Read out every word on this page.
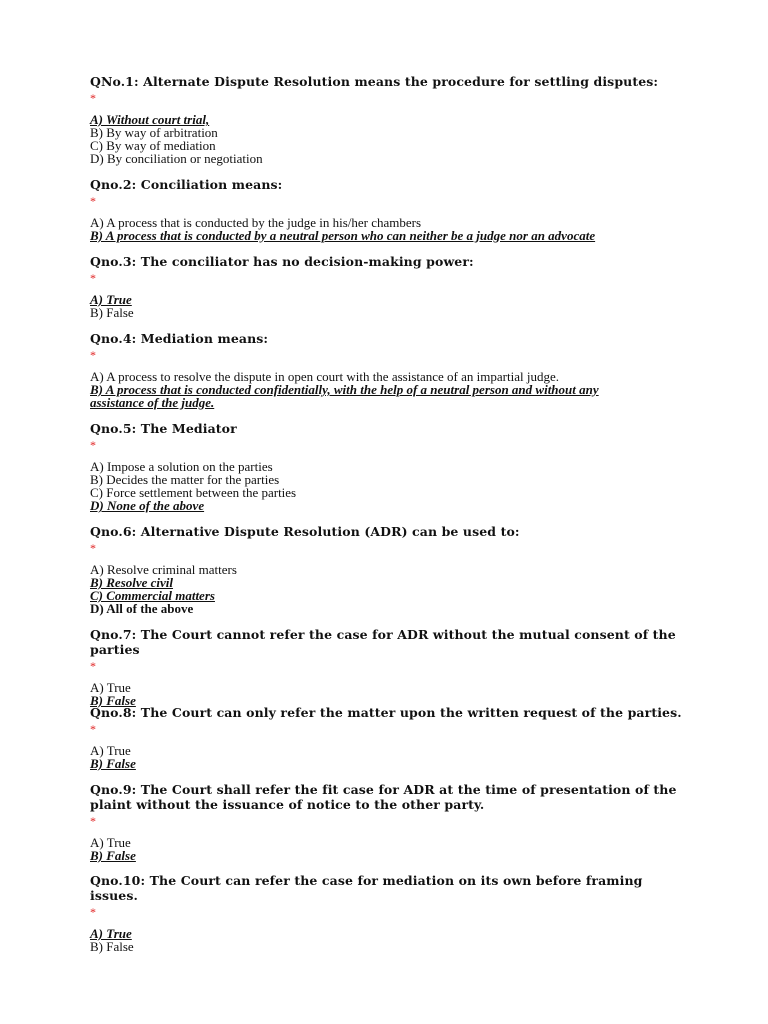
QNo.1: Alternate Dispute Resolution means the procedure for settling disputes:

*

A) Without court trial,

B) By way of arbitration

C) By way of mediation

D) By conciliation or negotiation

Qno.2: Conciliation means:

*

A) A process that is conducted by the judge in his/her chambers

B) A process that is conducted by a neutral person who can neither be a judge nor an advocate

Qno.3: The conciliator has no decision-making power:

*

A) True

B) False

Qno.4: Mediation means:

*

A) A process to resolve the dispute in open court with the assistance of an impartial judge.

B) A process that is conducted confidentially, with the help of a neutral person and without any assistance of the judge.

Qno.5: The Mediator

*

A) Impose a solution on the parties

B) Decides the matter for the parties

C) Force settlement between the parties

D) None of the above

Qno.6: Alternative Dispute Resolution (ADR) can be used to:

*

A) Resolve criminal matters

B) Resolve civil

C) Commercial matters

D) All of the above

Qno.7: The Court cannot refer the case for ADR without the mutual consent of the parties

*

A) True

B) False

Qno.8: The Court can only refer the matter upon the written request of the parties.

*

A) True

B) False

Qno.9: The Court shall refer the fit case for ADR at the time of presentation of the plaint without the issuance of notice to the other party.

*

A) True

B) False

Qno.10: The Court can refer the case for mediation on its own before framing issues.

*

A) True

B) False
